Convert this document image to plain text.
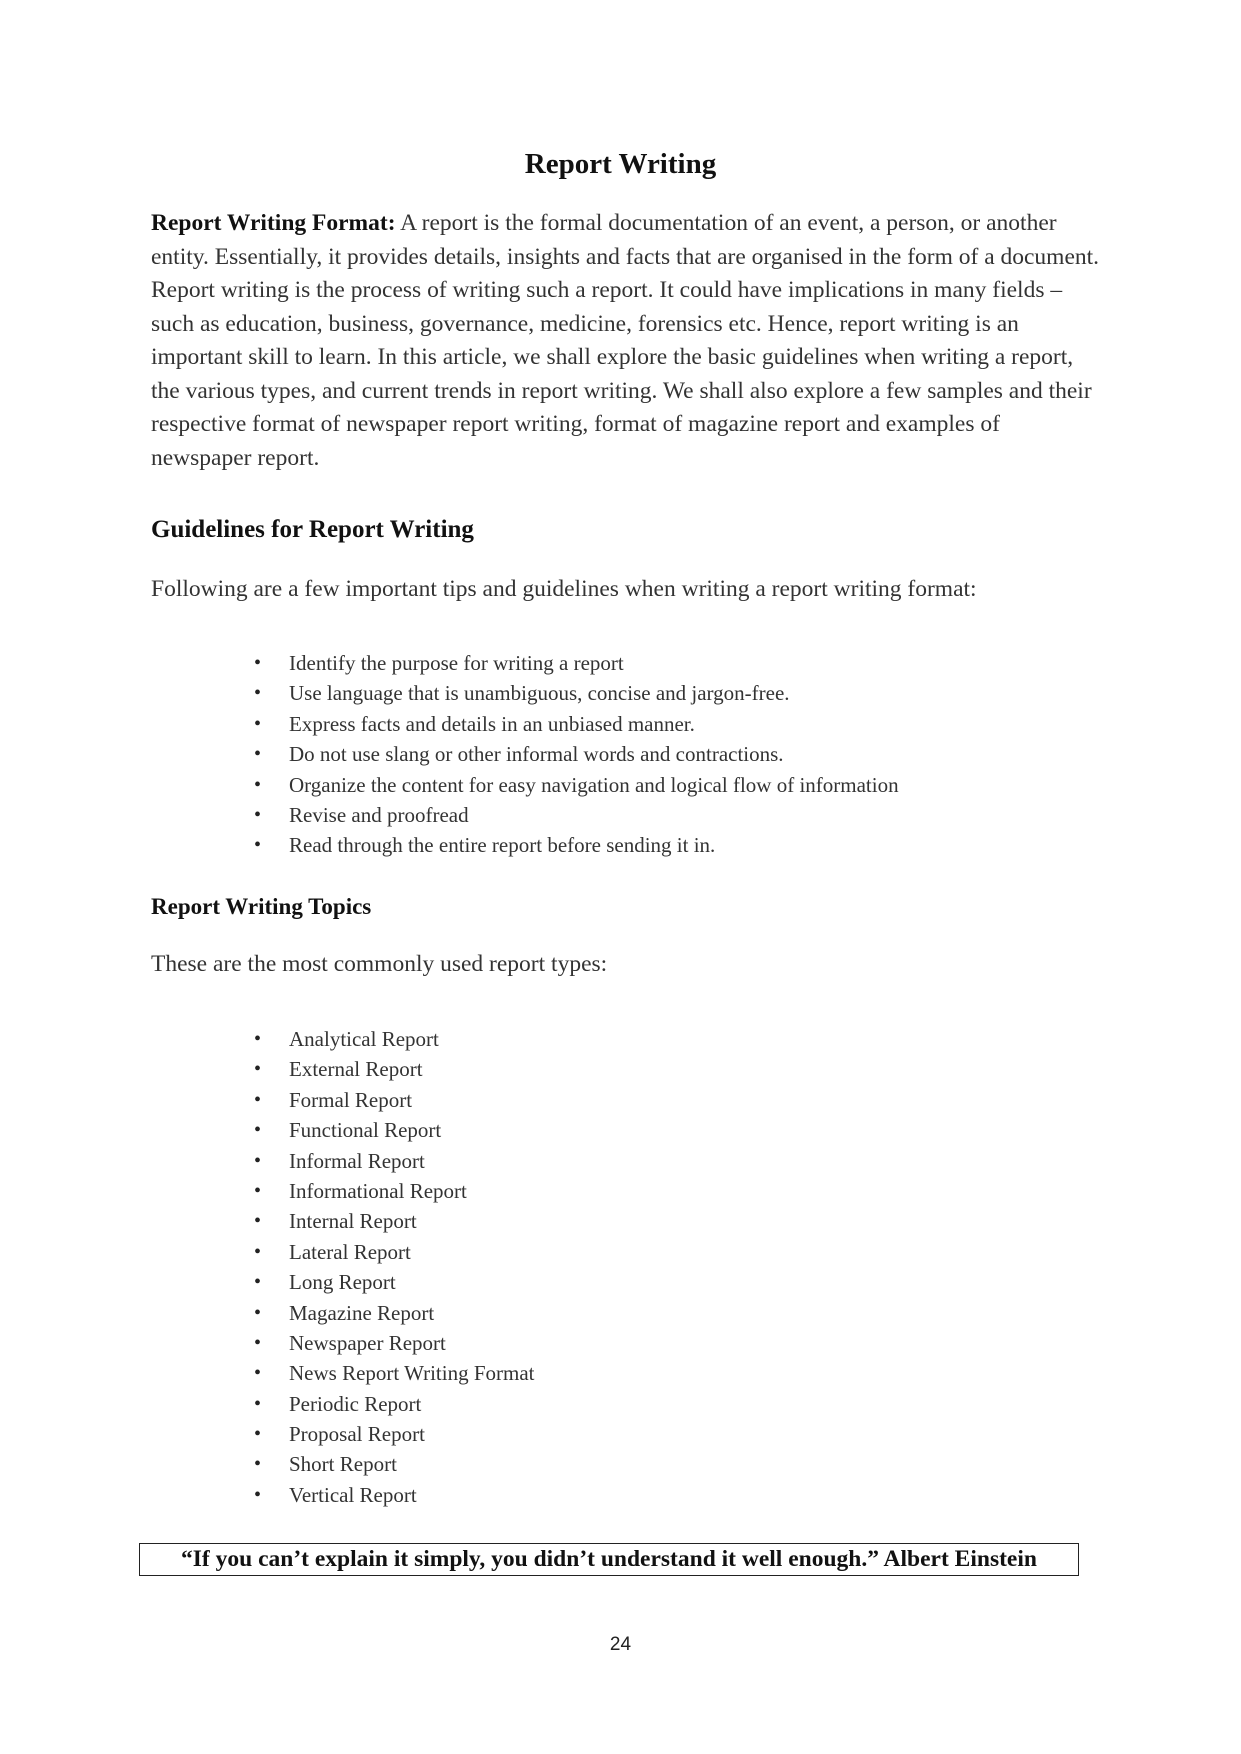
Report Writing

Report Writing Format: A report is the formal documentation of an event, a person, or another entity. Essentially, it provides details, insights and facts that are organised in the form of a document. Report writing is the process of writing such a report. It could have implications in many fields – such as education, business, governance, medicine, forensics etc. Hence, report writing is an important skill to learn. In this article, we shall explore the basic guidelines when writing a report, the various types, and current trends in report writing. We shall also explore a few samples and their respective format of newspaper report writing, format of magazine report and examples of newspaper report.

Guidelines for Report Writing

Following are a few important tips and guidelines when writing a report writing format:

• Identify the purpose for writing a report
• Use language that is unambiguous, concise and jargon-free.
• Express facts and details in an unbiased manner.
• Do not use slang or other informal words and contractions.
• Organize the content for easy navigation and logical flow of information
• Revise and proofread
• Read through the entire report before sending it in.
Report Writing Topics

These are the most commonly used report types:

• Analytical Report
• External Report
• Formal Report
• Functional Report
• Informal Report
• Informational Report
• Internal Report
• Lateral Report
• Long Report
• Magazine Report
• Newspaper Report
• News Report Writing Format
• Periodic Report
• Proposal Report
• Short Report
• Vertical Report

“If you can’t explain it simply, you didn’t understand it well enough.” Albert Einstein

24
